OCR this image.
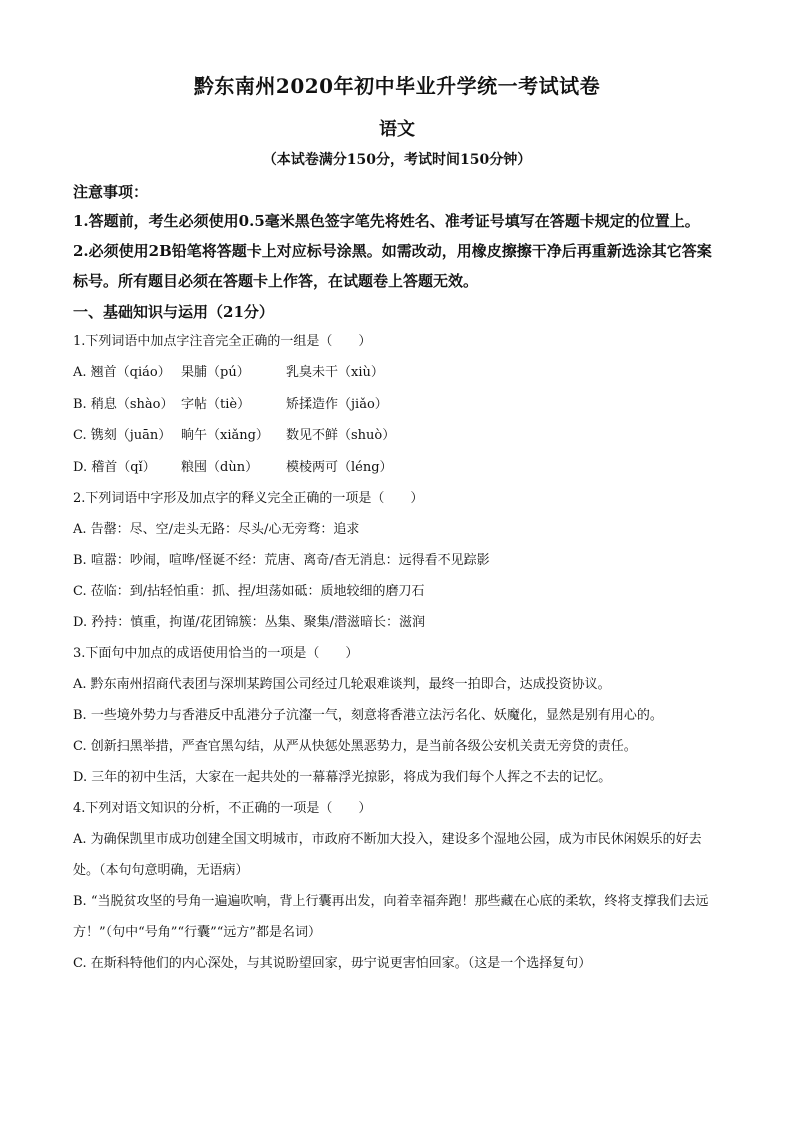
黔东南州2020年初中毕业升学统一考试试卷
语文
（本试卷满分150分，考试时间150分钟）
注意事项：

1.答题前，考生必须使用0.5毫米黑色签字笔先将姓名、准考证号填写在答题卡规定的位置上。

2.必须使用2B铅笔将答题卡上对应标号涂黑。如需改动，用橡皮擦擦干净后再重新选涂其它答案标号。所有题目必须在答题卡上作答，在试题卷上答题无效。

一、基础知识与运用（21分）

1.下列词语中加点字注音完全正确的一组是（　　）

A. 翘首（qiáo） 果脯（pú）	乳臭未干（xiù）
B. 稍息（shào） 字帖（tiè）	矫揉造作（jiǎo）
C. 镌刻（juān） 晌午（xiǎng）	数见不鲜（shuò）
D. 稽首（qǐ）	粮囤（dùn）	模棱两可（léng）

2.下列词语中字形及加点字的释义完全正确的一项是（　　）

A. 告罄：尽、空/走头无路：尽头/心无旁骛：追求

B. 喧嚣：吵闹，喧哗/怪诞不经：荒唐、离奇/杳无消息：远得看不见踪影

C. 莅临：到/拈轻怕重：抓、捏/坦荡如砥：质地较细的磨刀石

D. 矜持：慎重，拘谨/花团锦簇：丛集、聚集/潜滋暗长：滋润

3.下面句中加点的成语使用恰当的一项是（　　）

A. 黔东南州招商代表团与深圳某跨国公司经过几轮艰难谈判，最终一拍即合，达成投资协议。

B. 一些境外势力与香港反中乱港分子沆瀣一气，刻意将香港立法污名化、妖魔化，显然是别有用心的。

C. 创新扫黑举措，严查官黑勾结，从严从快惩处黑恶势力，是当前各级公安机关责无旁贷的责任。

D. 三年的初中生活，大家在一起共处的一幕幕浮光掠影，将成为我们每个人挥之不去的记忆。

4.下列对语文知识的分析，不正确的一项是（　　）

A. 为确保凯里市成功创建全国文明城市，市政府不断加大投入，建设多个湿地公园，成为市民休闲娱乐的好去处。（本句句意明确，无语病）

B. “当脱贫攻坚的号角一遍遍吹响，背上行囊再出发，向着幸福奔跑！那些藏在心底的柔软，终将支撑我们去远方！”（句中“号角”“行囊”“远方”都是名词）

C. 在斯科特他们的内心深处，与其说盼望回家，毋宁说更害怕回家。（这是一个选择复句）
